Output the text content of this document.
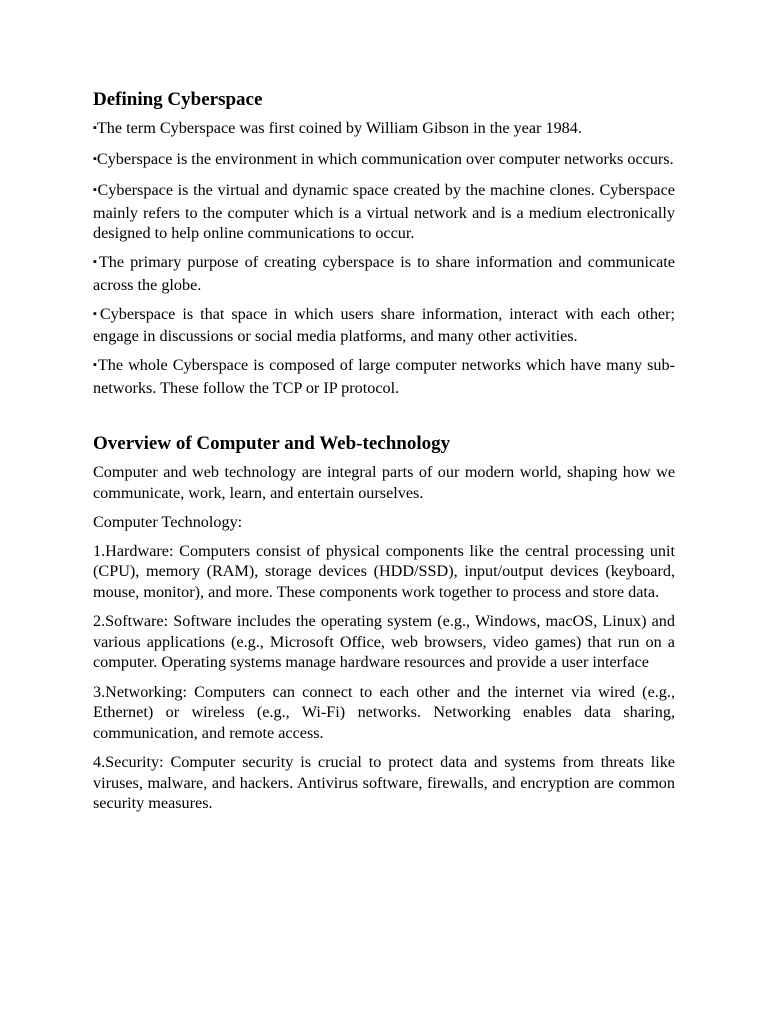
Defining Cyberspace

▪ The term Cyberspace was first coined by William Gibson in the year 1984.

▪ Cyberspace is the environment in which communication over computer networks occurs.

▪ Cyberspace is the virtual and dynamic space created by the machine clones. Cyberspace mainly refers to the computer which is a virtual network and is a medium electronically designed to help online communications to occur.

▪ The primary purpose of creating cyberspace is to share information and communicate across the globe.

▪ Cyberspace is that space in which users share information, interact with each other; engage in discussions or social media platforms, and many other activities.

▪ The whole Cyberspace is composed of large computer networks which have many sub-networks. These follow the TCP or IP protocol.

Overview of Computer and Web-technology

Computer and web technology are integral parts of our modern world, shaping how we communicate, work, learn, and entertain ourselves.

Computer Technology:

1.Hardware: Computers consist of physical components like the central processing unit (CPU), memory (RAM), storage devices (HDD/SSD), input/output devices (keyboard, mouse, monitor), and more. These components work together to process and store data.

2.Software: Software includes the operating system (e.g., Windows, macOS, Linux) and various applications (e.g., Microsoft Office, web browsers, video games) that run on a computer. Operating systems manage hardware resources and provide a user interface

3.Networking: Computers can connect to each other and the internet via wired (e.g., Ethernet) or wireless (e.g., Wi-Fi) networks. Networking enables data sharing, communication, and remote access.

4.Security: Computer security is crucial to protect data and systems from threats like viruses, malware, and hackers. Antivirus software, firewalls, and encryption are common security measures.
